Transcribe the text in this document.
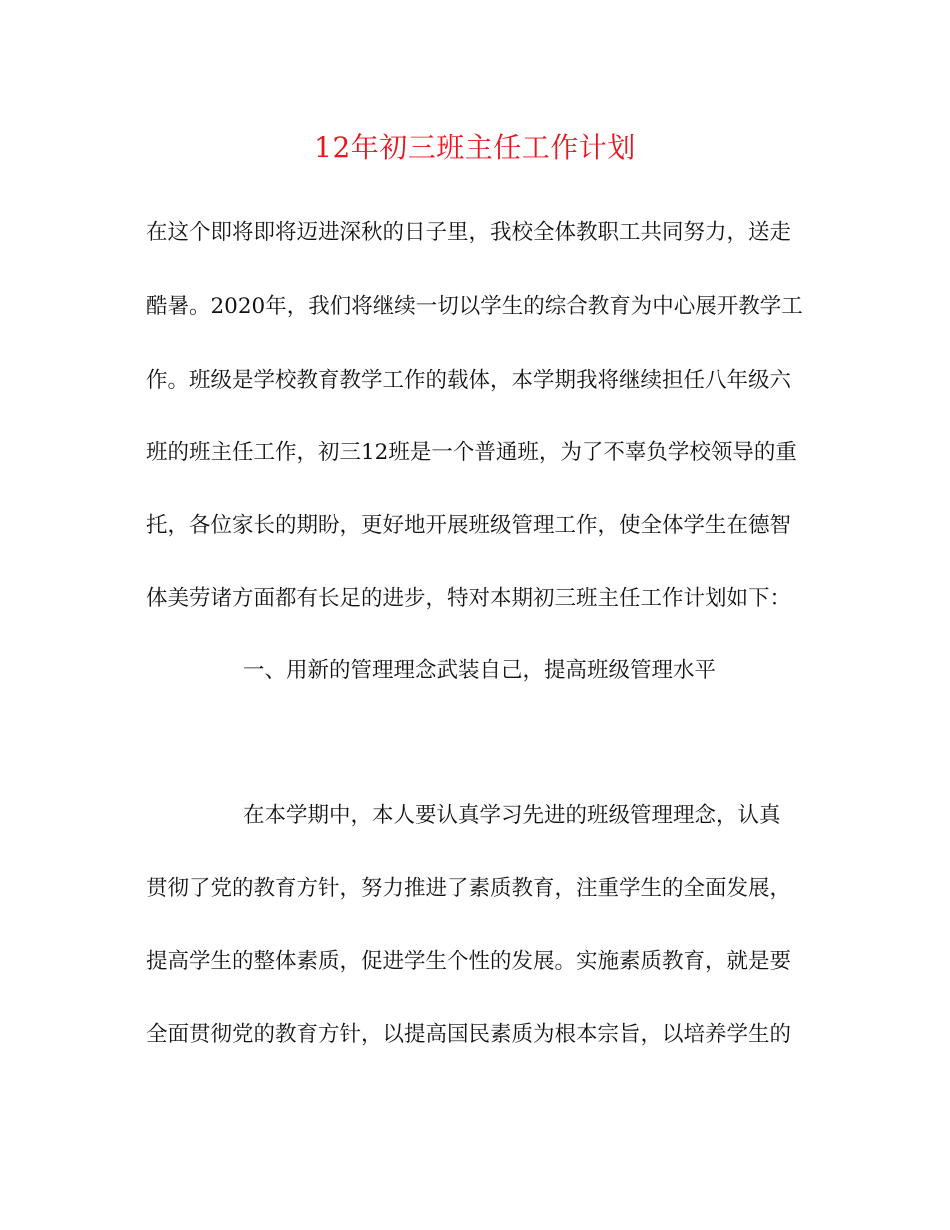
12年初三班主任工作计划

在这个即将即将迈进深秋的日子里，我校全体教职工共同努力，送走

酷暑。2020年，我们将继续一切以学生的综合教育为中心展开教学工

作。班级是学校教育教学工作的载体，本学期我将继续担任八年级六

班的班主任工作，初三12班是一个普通班，为了不辜负学校领导的重

托，各位家长的期盼，更好地开展班级管理工作，使全体学生在德智

体美劳诸方面都有长足的进步，特对本期初三班主任工作计划如下：

一、用新的管理理念武装自己，提高班级管理水平

在本学期中，本人要认真学习先进的班级管理理念，认真

贯彻了党的教育方针，努力推进了素质教育，注重学生的全面发展，

提高学生的整体素质，促进学生个性的发展。实施素质教育，就是要

全面贯彻党的教育方针，以提高国民素质为根本宗旨，以培养学生的
